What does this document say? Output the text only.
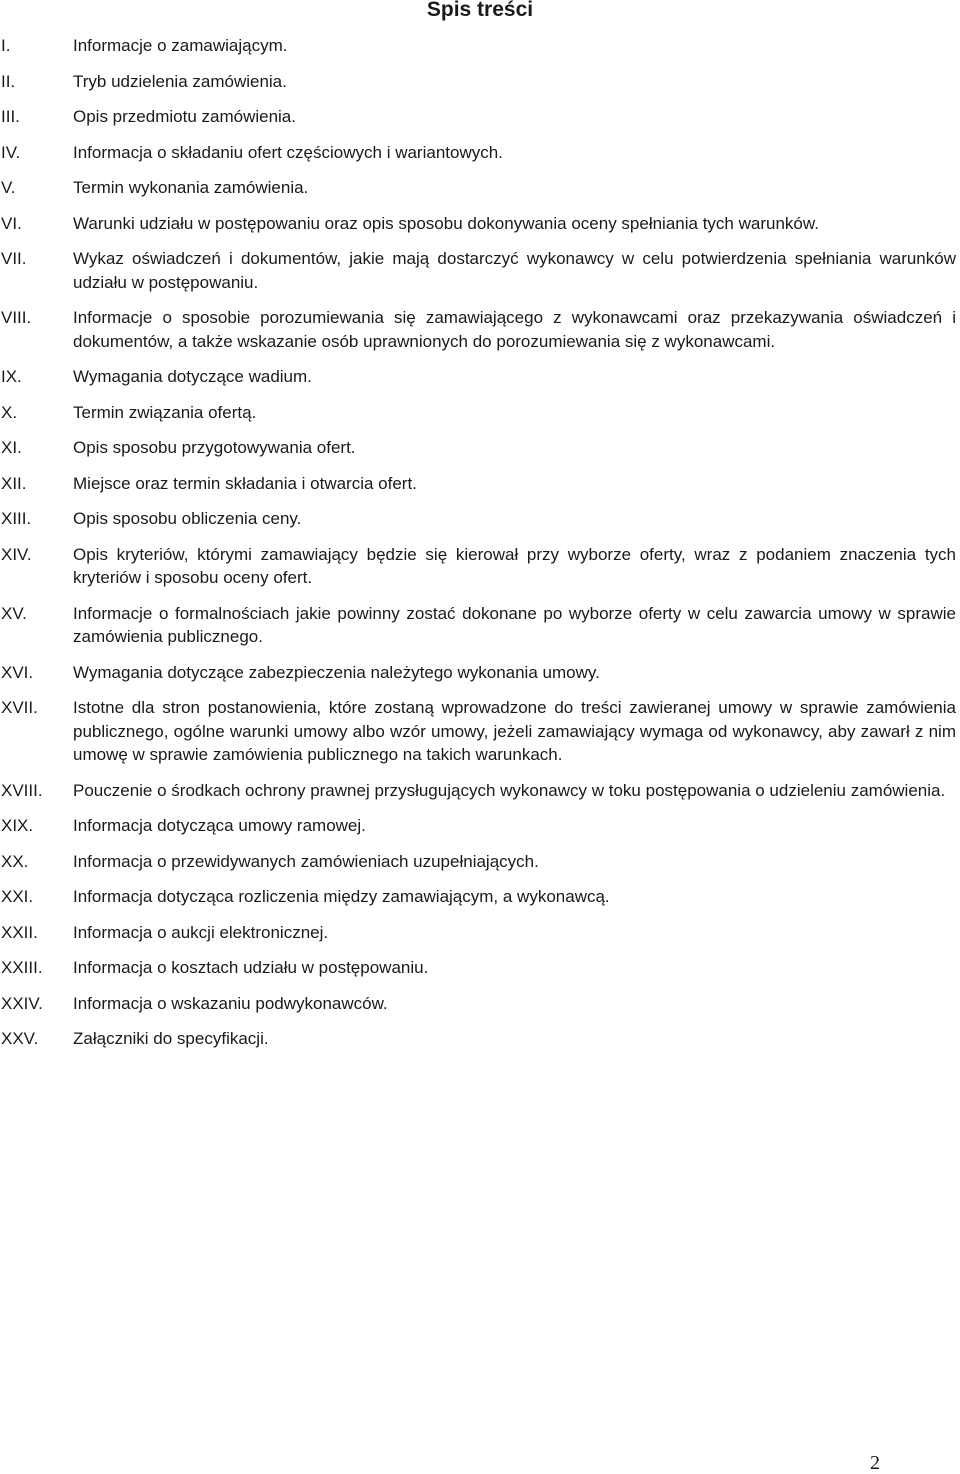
Spis treści
I.	Informacje o zamawiającym.
II.	Tryb udzielenia zamówienia.
III.	Opis przedmiotu zamówienia.
IV.	Informacja o składaniu ofert częściowych i wariantowych.
V.	Termin wykonania zamówienia.
VI.	Warunki udziału w postępowaniu oraz opis sposobu dokonywania oceny spełniania tych warunków.
VII.	Wykaz oświadczeń i dokumentów, jakie mają dostarczyć wykonawcy w celu potwierdzenia spełniania warunków udziału w postępowaniu.
VIII.	Informacje o sposobie porozumiewania się zamawiającego z wykonawcami oraz przekazywania oświadczeń i dokumentów, a także wskazanie osób uprawnionych do porozumiewania się z wykonawcami.
IX.	Wymagania dotyczące wadium.
X.	Termin związania ofertą.
XI.	Opis sposobu przygotowywania ofert.
XII.	Miejsce oraz termin składania i otwarcia ofert.
XIII.	Opis sposobu obliczenia ceny.
XIV.	Opis kryteriów, którymi zamawiający będzie się kierował przy wyborze oferty, wraz z podaniem znaczenia tych kryteriów i sposobu oceny ofert.
XV.	Informacje o formalnościach jakie powinny zostać dokonane po wyborze oferty w celu zawarcia umowy w sprawie zamówienia publicznego.
XVI.	Wymagania dotyczące zabezpieczenia należytego wykonania umowy.
XVII.	Istotne dla stron postanowienia, które zostaną wprowadzone do treści zawieranej umowy w sprawie zamówienia publicznego, ogólne warunki umowy albo wzór umowy, jeżeli zamawiający wymaga od wykonawcy, aby zawarł z nim umowę w sprawie zamówienia publicznego na takich warunkach.
XVIII.	Pouczenie o środkach ochrony prawnej przysługujących wykonawcy w toku postępowania o udzieleniu zamówienia.
XIX.	Informacja dotycząca umowy ramowej.
XX.	Informacja o przewidywanych zamówieniach uzupełniających.
XXI.	Informacja dotycząca rozliczenia między zamawiającym, a wykonawcą.
XXII.	Informacja o aukcji elektronicznej.
XXIII.	Informacja o kosztach udziału w postępowaniu.
XXIV.	Informacja o wskazaniu podwykonawców.
XXV.	Załączniki do specyfikacji.
2
